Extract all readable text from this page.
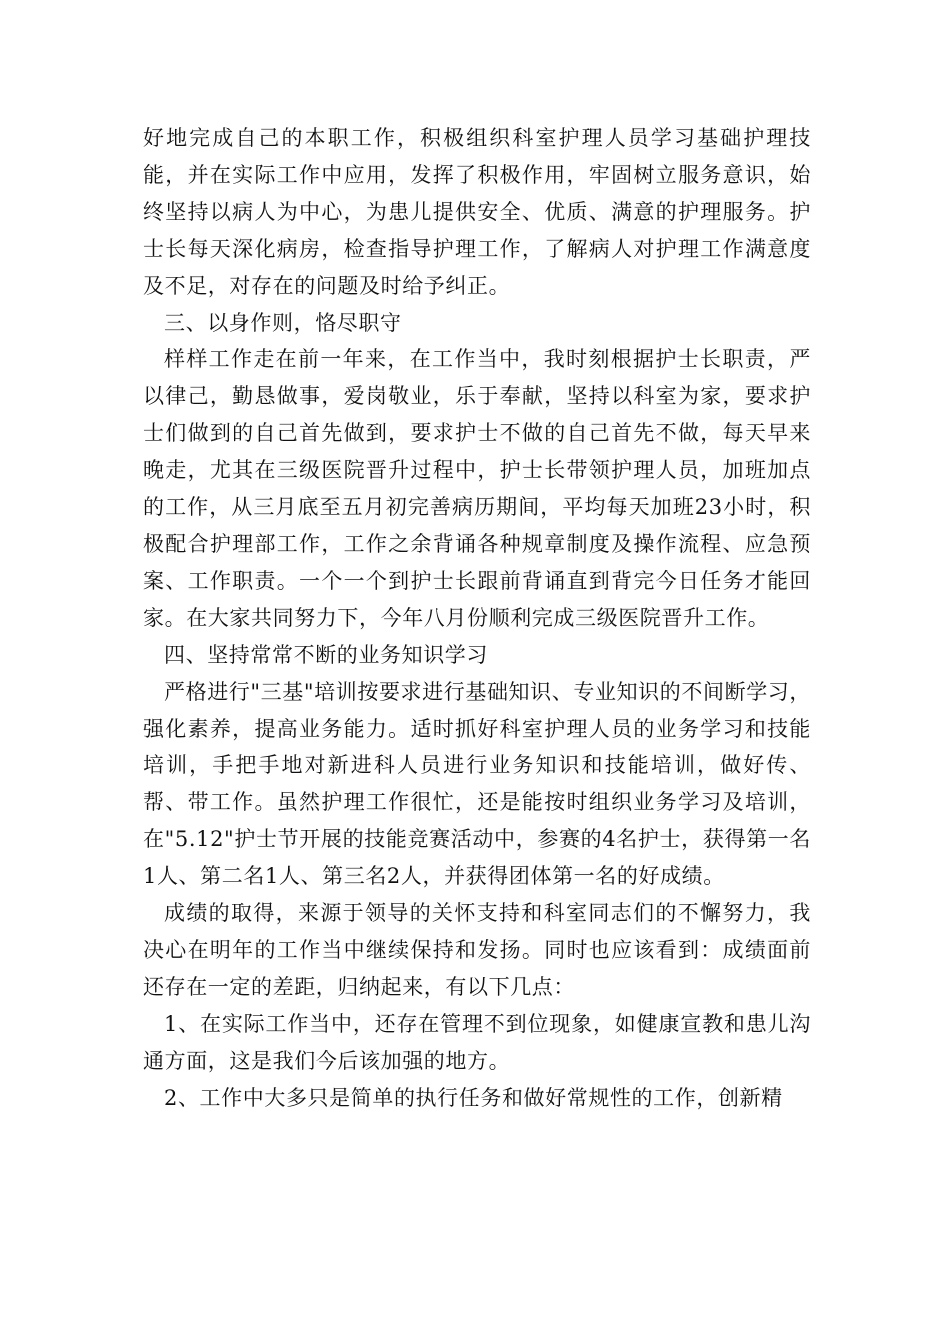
好地完成自己的本职工作，积极组织科室护理人员学习基础护理技能，并在实际工作中应用，发挥了积极作用，牢固树立服务意识，始终坚持以病人为中心，为患儿提供安全、优质、满意的护理服务。护士长每天深化病房，检查指导护理工作，了解病人对护理工作满意度及不足，对存在的问题及时给予纠正。

三、以身作则，恪尽职守

样样工作走在前一年来，在工作当中，我时刻根据护士长职责，严以律己，勤恳做事，爱岗敬业，乐于奉献，坚持以科室为家，要求护士们做到的自己首先做到，要求护士不做的自己首先不做，每天早来晚走，尤其在三级医院晋升过程中，护士长带领护理人员，加班加点的工作，从三月底至五月初完善病历期间，平均每天加班23小时，积极配合护理部工作，工作之余背诵各种规章制度及操作流程、应急预案、工作职责。一个一个到护士长跟前背诵直到背完今日任务才能回家。在大家共同努力下，今年八月份顺利完成三级医院晋升工作。

四、坚持常常不断的业务知识学习

严格进行"三基"培训按要求进行基础知识、专业知识的不间断学习，强化素养，提高业务能力。适时抓好科室护理人员的业务学习和技能培训，手把手地对新进科人员进行业务知识和技能培训，做好传、帮、带工作。虽然护理工作很忙，还是能按时组织业务学习及培训，在"5.12"护士节开展的技能竞赛活动中，参赛的4名护士，获得第一名1人、第二名1人、第三名2人，并获得团体第一名的好成绩。

成绩的取得，来源于领导的关怀支持和科室同志们的不懈努力，我决心在明年的工作当中继续保持和发扬。同时也应该看到：成绩面前还存在一定的差距，归纳起来，有以下几点：

1、在实际工作当中，还存在管理不到位现象，如健康宣教和患儿沟通方面，这是我们今后该加强的地方。

2、工作中大多只是简单的执行任务和做好常规性的工作，创新精
